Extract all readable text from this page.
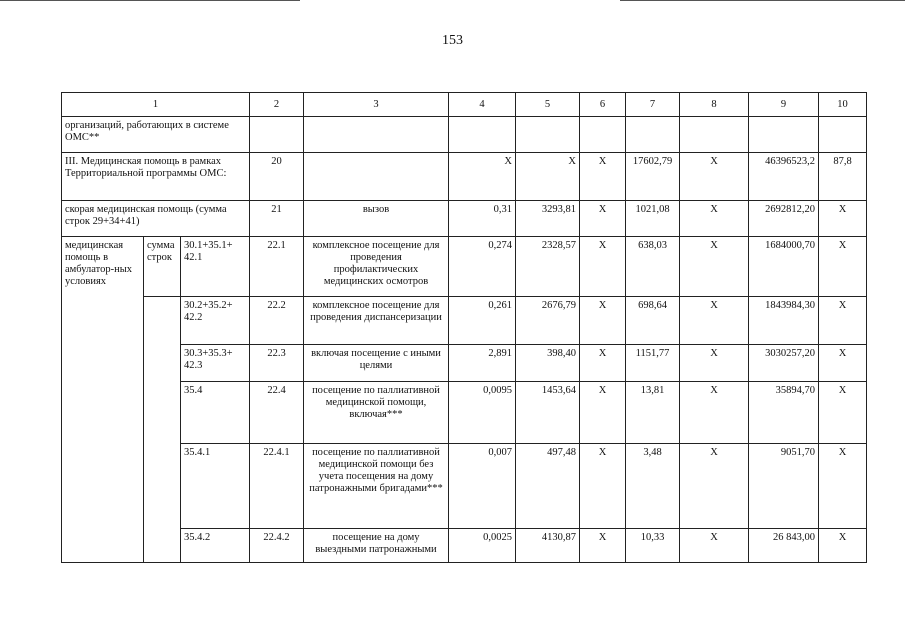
153
1			2	3	4	5	6	7	8	9	10
организаций, работающих в системе ОМС**											
III. Медицинская помощь в рамках Территориальной программы ОМС:			20		Х	Х	Х	17602,79	Х	46396523,2	87,8
скорая медицинская помощь (сумма строк 29+34+41)			21	вызов	0,31	3293,81	Х	1021,08	Х	2692812,20	Х
медицинская помощь в амбулатор-ных условиях	сумма строк	30.1+35.1+ 42.1	22.1	комплексное посещение для проведения профилактических медицинских осмотров	0,274	2328,57	Х	638,03	Х	1684000,70	Х
		30.2+35.2+ 42.2	22.2	комплексное посещение для проведения диспансеризации	0,261	2676,79	Х	698,64	Х	1843984,30	Х
		30.3+35.3+ 42.3	22.3	включая посещение с иными целями	2,891	398,40	Х	1151,77	Х	3030257,20	Х
		35.4	22.4	посещение по паллиативной медицинской помощи, включая***	0,0095	1453,64	Х	13,81	Х	35894,70	Х
		35.4.1	22.4.1	посещение по паллиативной медицинской помощи без учета посещения на дому патронажными бригадами***	0,007	497,48	Х	3,48	Х	9051,70	Х
		35.4.2	22.4.2	посещение на дому выездными патронажными	0,0025	4130,87	Х	10,33	Х	26 843,00	Х
